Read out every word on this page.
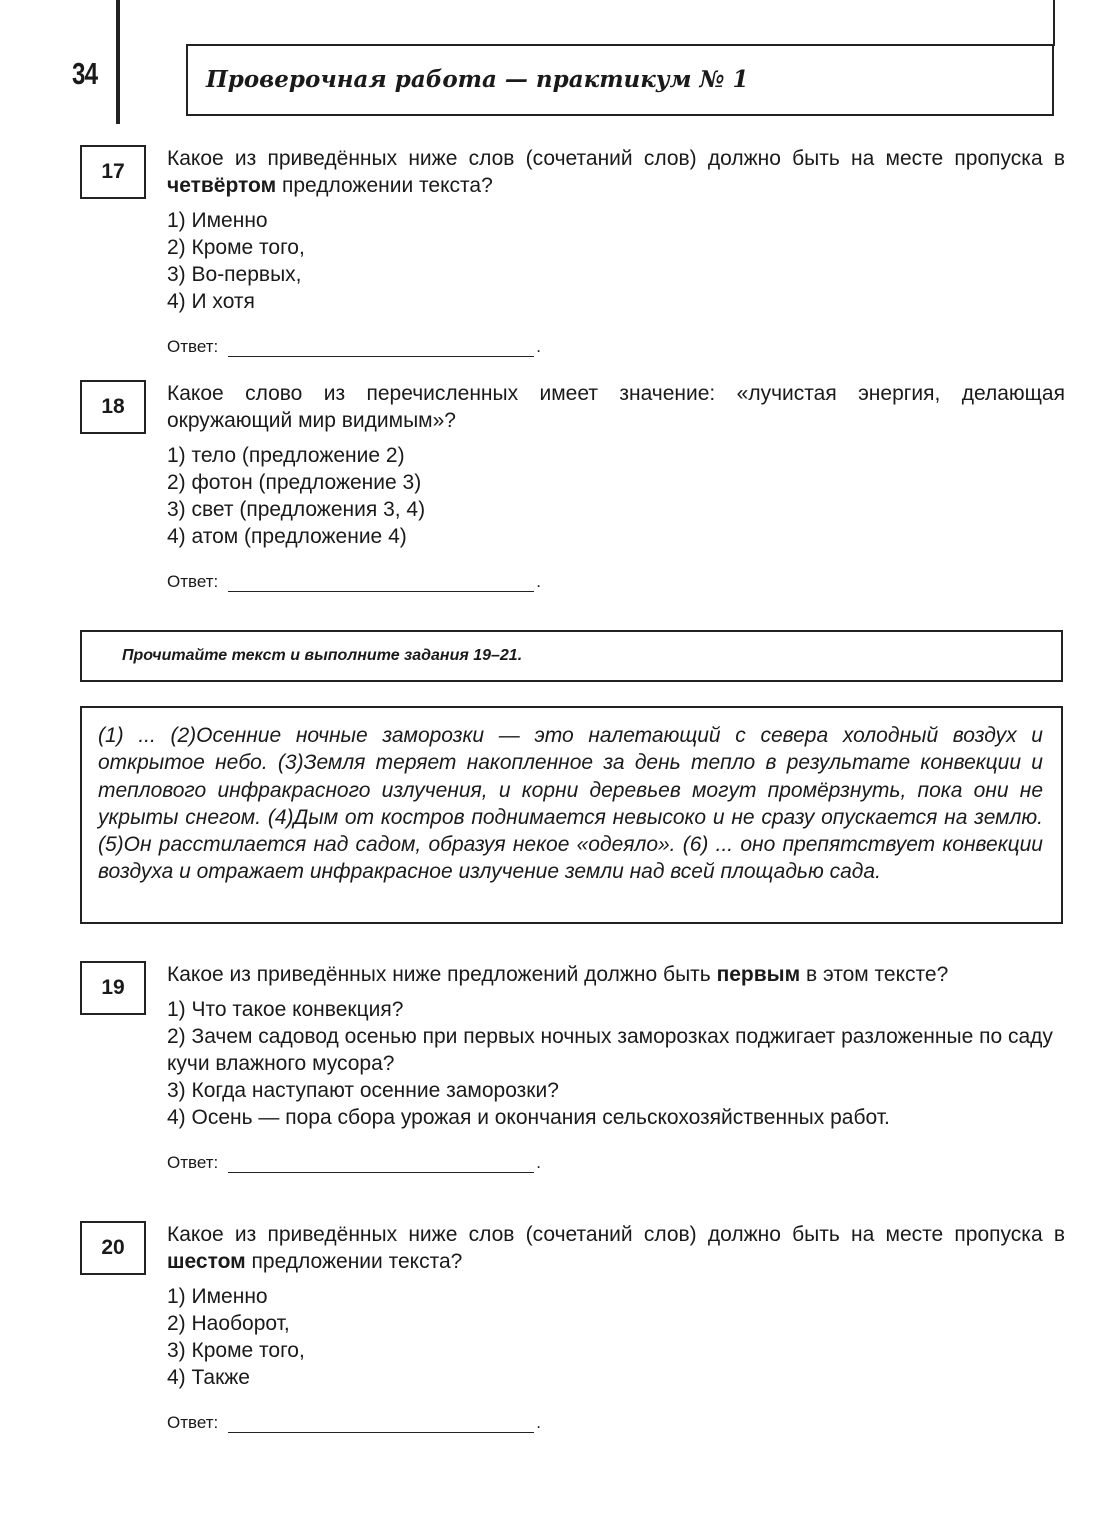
34	Проверочная работа — практикум № 1
17

Какое из приведённых ниже слов (сочетаний слов) должно быть на месте пропуска в четвёртом предложении текста?

1) Именно
2) Кроме того,
3) Во-первых,
4) И хотя
Ответ:	.
18

Какое слово из перечисленных имеет значение: «лучистая энергия, делающая окружающий мир видимым»?

1) тело (предложение 2)
2) фотон (предложение 3)
3) свет (предложения 3, 4)
4) атом (предложение 4)
Ответ:	.
Прочитайте текст и выполните задания 19–21.

(1) ... (2)Осенние ночные заморозки — это налетающий с севера холодный воздух и открытое небо. (3)Земля теряет накопленное за день тепло в результате конвекции и теплового инфракрасного излучения, и корни деревьев могут промёрзнуть, пока они не укрыты снегом. (4)Дым от костров поднимается невысоко и не сразу опускается на землю. (5)Он расстилается над садом, образуя некое «одеяло». (6) ... оно препятствует конвекции воздуха и отражает инфракрасное излучение земли над всей площадью сада.

19

Какое из приведённых ниже предложений должно быть первым в этом тексте?

1) Что такое конвекция?
2) Зачем садовод осенью при первых ночных заморозках поджигает разложенные по саду кучи влажного мусора?
3) Когда наступают осенние заморозки?
4) Осень — пора сбора урожая и окончания сельскохозяйственных работ.
Ответ:	.
20

Какое из приведённых ниже слов (сочетаний слов) должно быть на месте пропуска в шестом предложении текста?

1) Именно
2) Наоборот,
3) Кроме того,
4) Также
Ответ:	.
